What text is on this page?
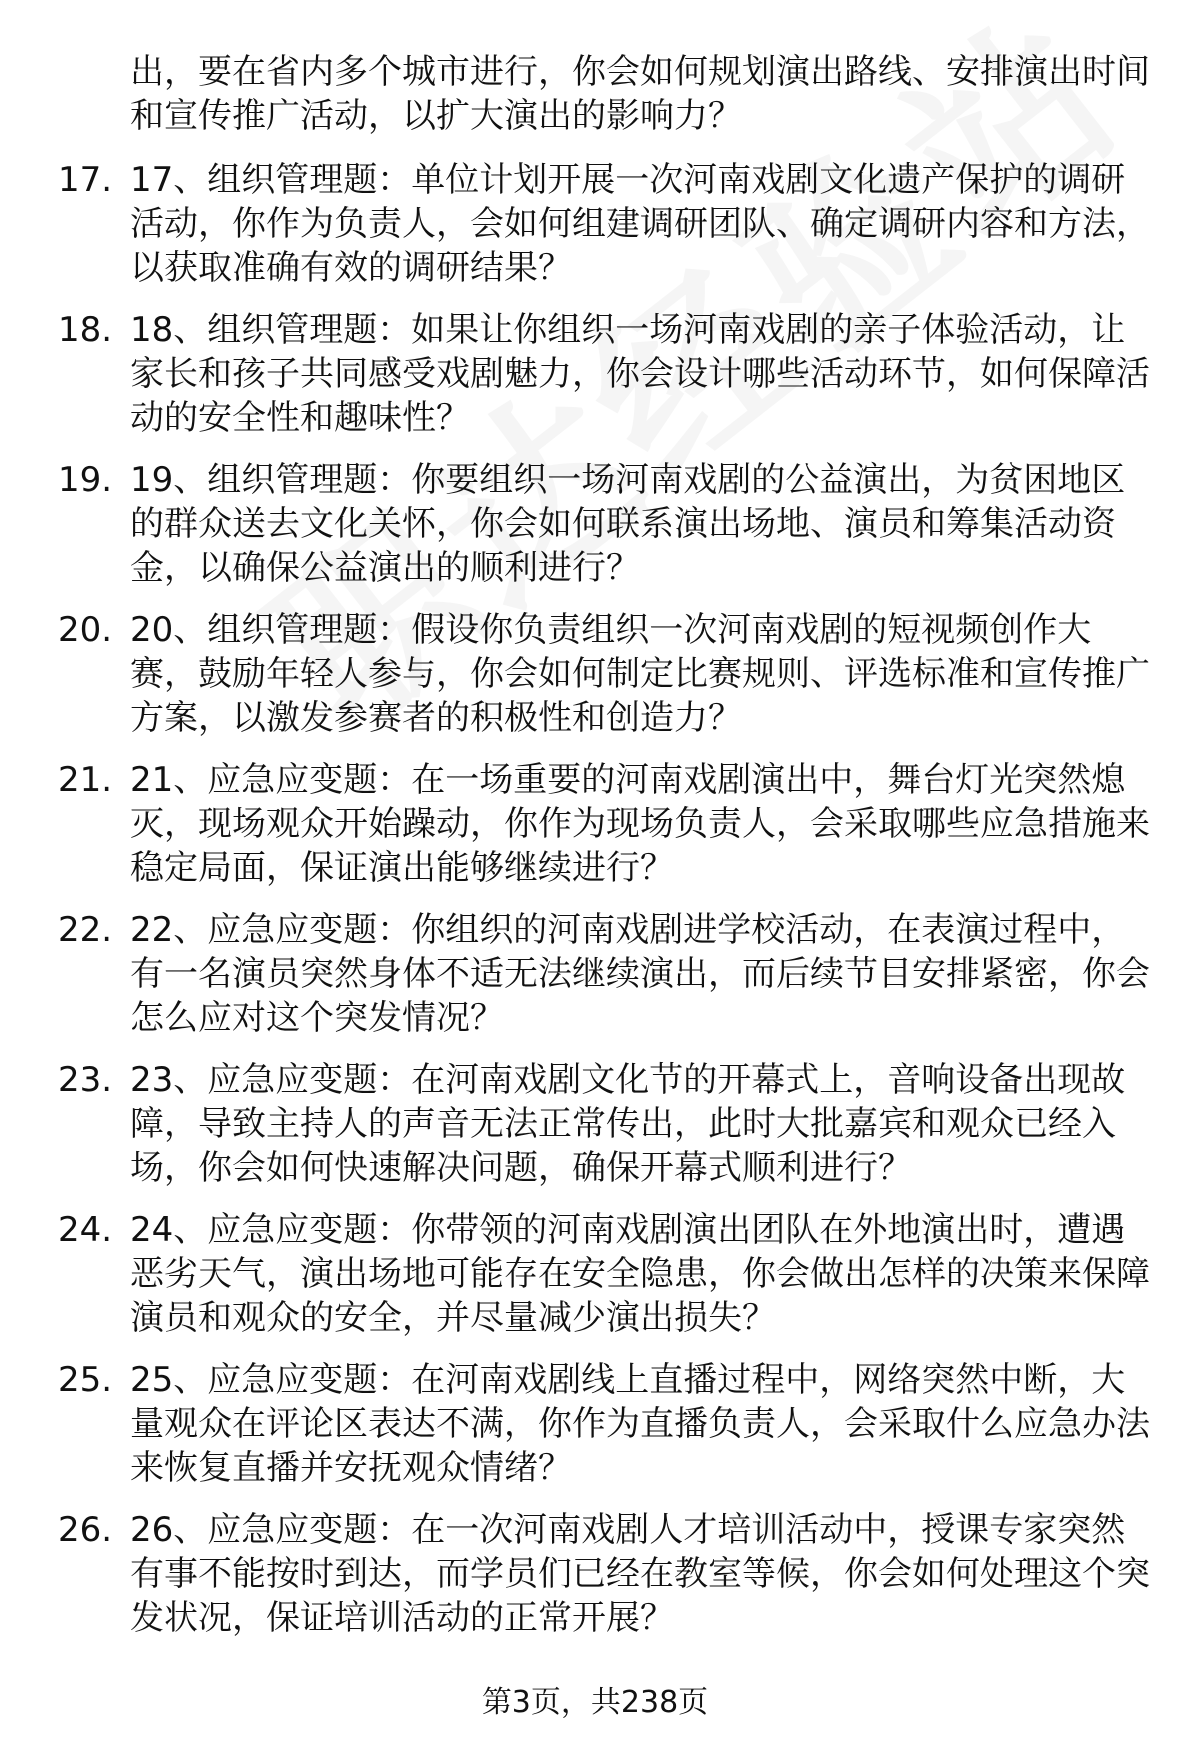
出，要在省内多个城市进行，你会如何规划演出路线、安排演出时间和宣传推广活动，以扩大演出的影响力？
17. 17、组织管理题：单位计划开展一次河南戏剧文化遗产保护的调研活动，你作为负责人，会如何组建调研团队、确定调研内容和方法，以获取准确有效的调研结果？
18. 18、组织管理题：如果让你组织一场河南戏剧的亲子体验活动，让家长和孩子共同感受戏剧魅力，你会设计哪些活动环节，如何保障活动的安全性和趣味性？
19. 19、组织管理题：你要组织一场河南戏剧的公益演出，为贫困地区的群众送去文化关怀，你会如何联系演出场地、演员和筹集活动资金，以确保公益演出的顺利进行？
20. 20、组织管理题：假设你负责组织一次河南戏剧的短视频创作大赛，鼓励年轻人参与，你会如何制定比赛规则、评选标准和宣传推广方案，以激发参赛者的积极性和创造力？
21. 21、应急应变题：在一场重要的河南戏剧演出中，舞台灯光突然熄灭，现场观众开始躁动，你作为现场负责人，会采取哪些应急措施来稳定局面，保证演出能够继续进行？
22. 22、应急应变题：你组织的河南戏剧进学校活动，在表演过程中，有一名演员突然身体不适无法继续演出，而后续节目安排紧密，你会怎么应对这个突发情况？
23. 23、应急应变题：在河南戏剧文化节的开幕式上，音响设备出现故障，导致主持人的声音无法正常传出，此时大批嘉宾和观众已经入场，你会如何快速解决问题，确保开幕式顺利进行？
24. 24、应急应变题：你带领的河南戏剧演出团队在外地演出时，遭遇恶劣天气，演出场地可能存在安全隐患，你会做出怎样的决策来保障演员和观众的安全，并尽量减少演出损失？
25. 25、应急应变题：在河南戏剧线上直播过程中，网络突然中断，大量观众在评论区表达不满，你作为直播负责人，会采取什么应急办法来恢复直播并安抚观众情绪？
26. 26、应急应变题：在一次河南戏剧人才培训活动中，授课专家突然有事不能按时到达，而学员们已经在教室等候，你会如何处理这个突发状况，保证培训活动的正常开展？
第3页，共238页
